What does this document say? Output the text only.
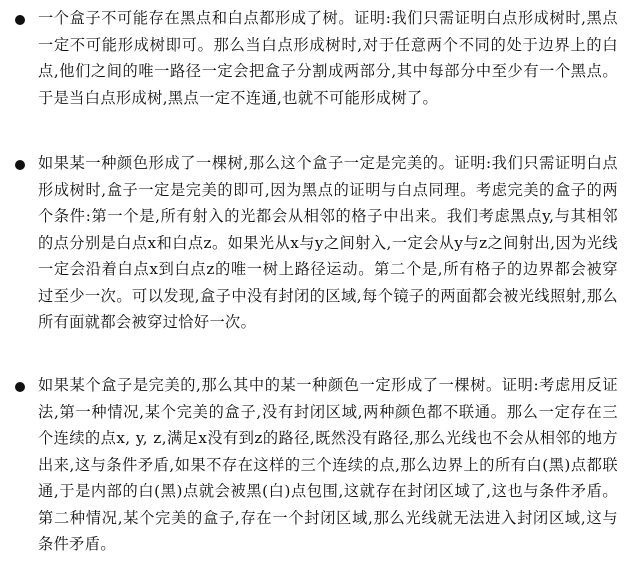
一个盒子不可能存在黑点和白点都形成了树。证明:我们只需证明白点形成树时,黑点一定不可能形成树即可。那么当白点形成树时,对于任意两个不同的处于边界上的白点,他们之间的唯一路径一定会把盒子分割成两部分,其中每部分中至少有一个黑点。于是当白点形成树,黑点一定不连通,也就不可能形成树了。

如果某一种颜色形成了一棵树,那么这个盒子一定是完美的。证明:我们只需证明白点形成树时,盒子一定是完美的即可,因为黑点的证明与白点同理。考虑完美的盒子的两个条件:第一个是,所有射入的光都会从相邻的格子中出来。我们考虑黑点y,与其相邻的点分别是白点x和白点z。如果光从x与y之间射入,一定会从y与z之间射出,因为光线一定会沿着白点x到白点z的唯一树上路径运动。第二个是,所有格子的边界都会被穿过至少一次。可以发现,盒子中没有封闭的区域,每个镜子的两面都会被光线照射,那么所有面就都会被穿过恰好一次。

如果某个盒子是完美的,那么其中的某一种颜色一定形成了一棵树。证明:考虑用反证法,第一种情况,某个完美的盒子,没有封闭区域,两种颜色都不联通。那么一定存在三个连续的点x, y, z,满足x没有到z的路径,既然没有路径,那么光线也不会从相邻的地方出来,这与条件矛盾,如果不存在这样的三个连续的点,那么边界上的所有白(黑)点都联通,于是内部的白(黑)点就会被黑(白)点包围,这就存在封闭区域了,这也与条件矛盾。第二种情况,某个完美的盒子,存在一个封闭区域,那么光线就无法进入封闭区域,这与条件矛盾。
